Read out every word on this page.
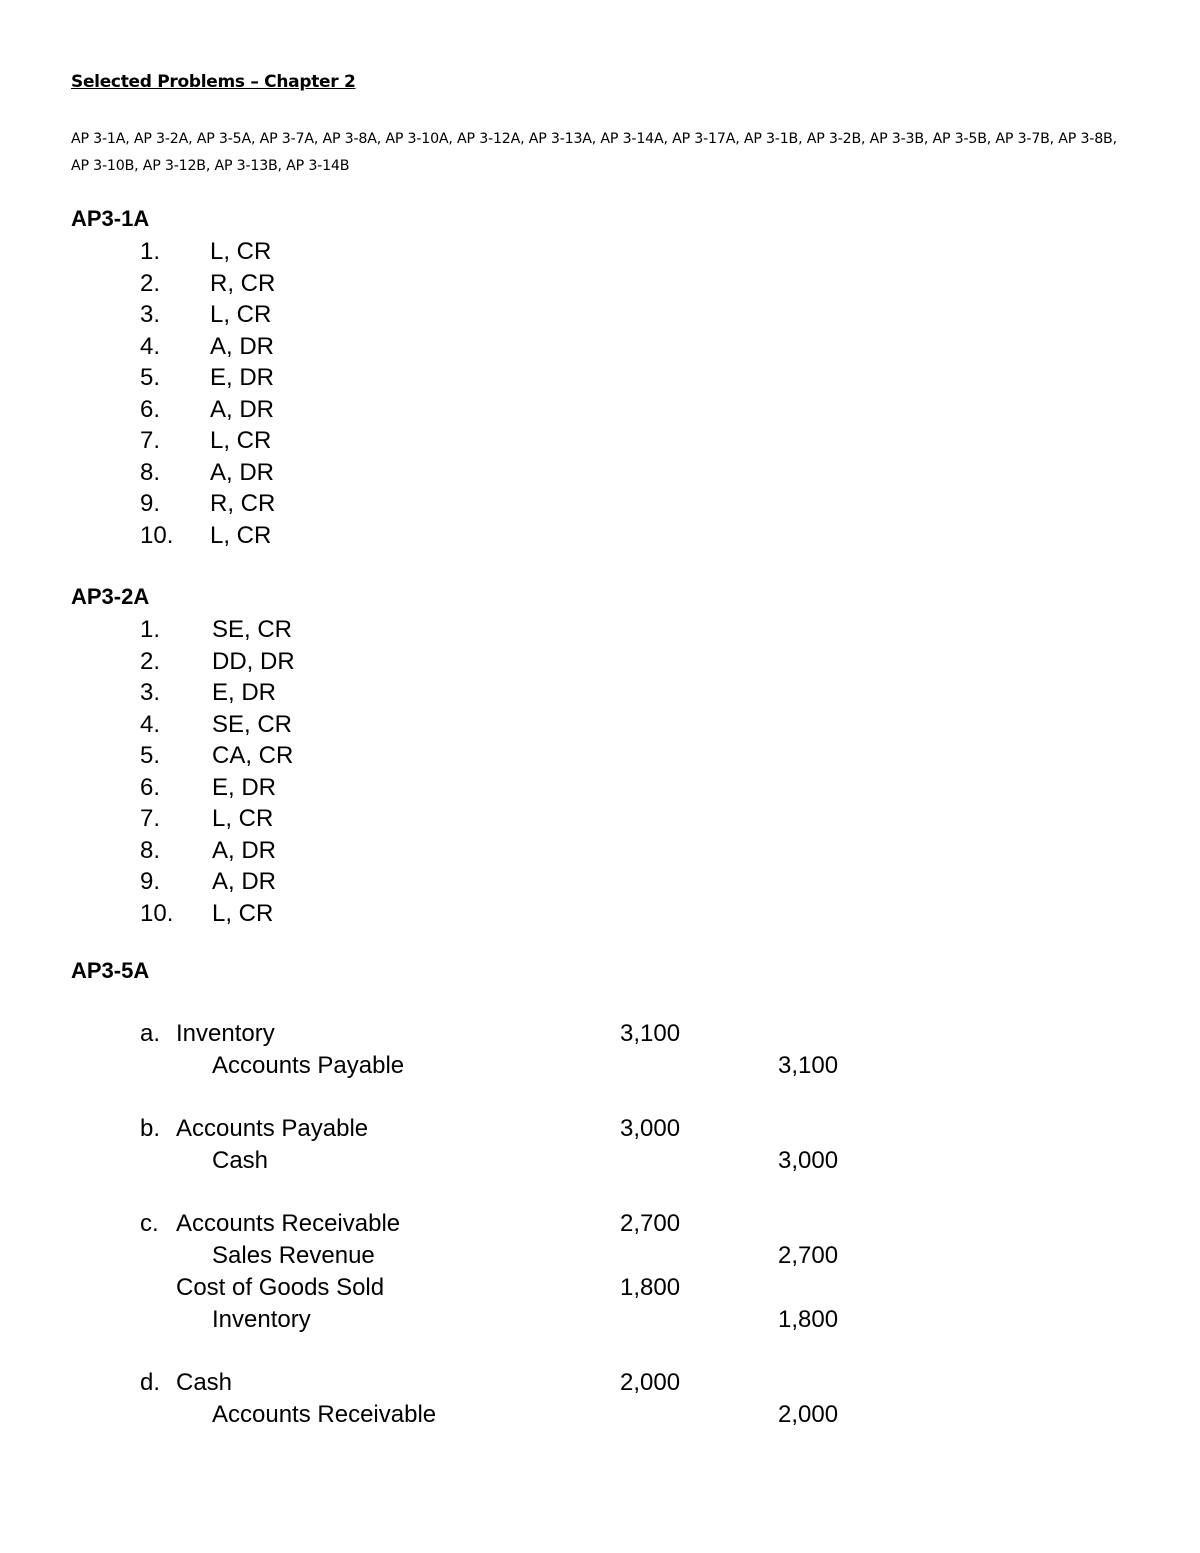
Selected Problems – Chapter 2
AP 3-1A, AP 3-2A, AP 3-5A, AP 3-7A, AP 3-8A, AP 3-10A, AP 3-12A, AP 3-13A, AP 3-14A, AP 3-17A, AP 3-1B, AP 3-2B, AP 3-3B, AP 3-5B, AP 3-7B, AP 3-8B, AP 3-10B, AP 3-12B, AP 3-13B, AP 3-14B
AP3-1A
1. L, CR
2. R, CR
3. L, CR
4. A, DR
5. E, DR
6. A, DR
7. L, CR
8. A, DR
9. R, CR
10. L, CR
AP3-2A
1. SE, CR
2. DD, DR
3. E, DR
4. SE, CR
5. CA, CR
6. E, DR
7. L, CR
8. A, DR
9. A, DR
10. L, CR
AP3-5A
a. Inventory	3,100
Accounts Payable	3,100
b. Accounts Payable	3,000
Cash	3,000
c. Accounts Receivable	2,700
Sales Revenue	2,700
Cost of Goods Sold	1,800
Inventory	1,800
d. Cash	2,000
Accounts Receivable	2,000
